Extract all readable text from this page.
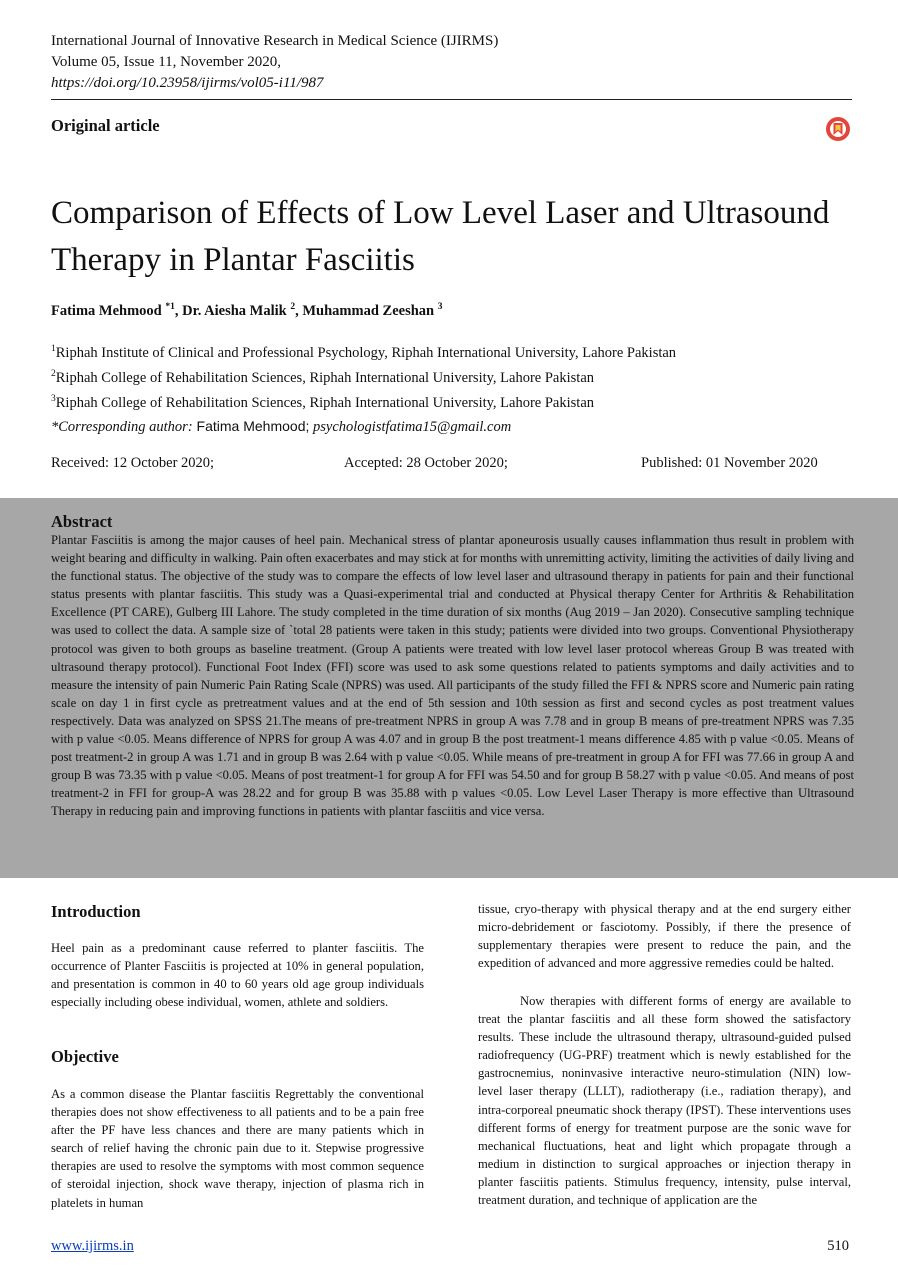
International Journal of Innovative Research in Medical Science (IJIRMS)
Volume 05, Issue 11, November 2020,
https://doi.org/10.23958/ijirms/vol05-i11/987
Original article
Comparison of Effects of Low Level Laser and Ultrasound Therapy in Plantar Fasciitis
Fatima Mehmood $^{*1}$, Dr. Aiesha Malik $^2$, Muhammad Zeeshan $^3$
$^1$Riphah Institute of Clinical and Professional Psychology, Riphah International University, Lahore Pakistan
$^2$Riphah College of Rehabilitation Sciences, Riphah International University, Lahore Pakistan
$^3$Riphah College of Rehabilitation Sciences, Riphah International University, Lahore Pakistan
*Corresponding author: Fatima Mehmood; psychologistfatima15@gmail.com
Received: 12 October 2020;	Accepted: 28 October 2020;	Published: 01 November 2020
Abstract

Plantar Fasciitis is among the major causes of heel pain. Mechanical stress of plantar aponeurosis usually causes inflammation thus result in problem with weight bearing and difficulty in walking. Pain often exacerbates and may stick at for months with unremitting activity, limiting the activities of daily living and the functional status. The objective of the study was to compare the effects of low level laser and ultrasound therapy in patients for pain and their functional status presents with plantar fasciitis. This study was a Quasi-experimental trial and conducted at Physical therapy Center for Arthritis & Rehabilitation Excellence (PT CARE), Gulberg III Lahore. The study completed in the time duration of six months (Aug 2019 – Jan 2020). Consecutive sampling technique was used to collect the data. A sample size of `total 28 patients were taken in this study; patients were divided into two groups. Conventional Physiotherapy protocol was given to both groups as baseline treatment. (Group A patients were treated with low level laser protocol whereas Group B was treated with ultrasound therapy protocol). Functional Foot Index (FFI) score was used to ask some questions related to patients symptoms and daily activities and to measure the intensity of pain Numeric Pain Rating Scale (NPRS) was used. All participants of the study filled the FFI & NPRS score and Numeric pain rating scale on day 1 in first cycle as pretreatment values and at the end of 5th session and 10th session as first and second cycles as post treatment values respectively. Data was analyzed on SPSS 21.The means of pre-treatment NPRS in group A was 7.78 and in group B means of pre-treatment NPRS was 7.35 with p value <0.05. Means difference of NPRS for group A was 4.07 and in group B the post treatment-1 means difference 4.85 with p value <0.05. Means of post treatment-2 in group A was 1.71 and in group B was 2.64 with p value <0.05. While means of pre-treatment in group A for FFI was 77.66 in group A and group B was 73.35 with p value <0.05. Means of post treatment-1 for group A for FFI was 54.50 and for group B 58.27 with p value <0.05. And means of post treatment-2 in FFI for group-A was 28.22 and for group B was 35.88 with p values <0.05. Low Level Laser Therapy is more effective than Ultrasound Therapy in reducing pain and improving functions in patients with plantar fasciitis and vice versa.

Introduction

Heel pain as a predominant cause referred to planter fasciitis. The occurrence of Planter Fasciitis is projected at 10% in general population, and presentation is common in 40 to 60 years old age group individuals especially including obese individual, women, athlete and soldiers.

Objective

As a common disease the Plantar fasciitis Regrettably the conventional therapies does not show effectiveness to all patients and to be a pain free after the PF have less chances and there are many patients which in search of relief having the chronic pain due to it. Stepwise progressive therapies are used to resolve the symptoms with most common sequence of steroidal injection, shock wave therapy, injection of plasma rich in platelets in human

tissue, cryo-therapy with physical therapy and at the end surgery either micro-debridement or fasciotomy. Possibly, if there the presence of supplementary therapies were present to reduce the pain, and the expedition of advanced and more aggressive remedies could be halted.

Now therapies with different forms of energy are available to treat the plantar fasciitis and all these form showed the satisfactory results. These include the ultrasound therapy, ultrasound-guided pulsed radiofrequency (UG-PRF) treatment which is newly established for the gastrocnemius, noninvasive interactive neuro-stimulation (NIN) low-level laser therapy (LLLT), radiotherapy (i.e., radiation therapy), and intra-corporeal pneumatic shock therapy (IPST). These interventions uses different forms of energy for treatment purpose are the sonic wave for mechanical fluctuations, heat and light which propagate through a medium in distinction to surgical approaches or injection therapy in planter fasciitis patients. Stimulus frequency, intensity, pulse interval, treatment duration, and technique of application are the

www.ijirms.in	510
